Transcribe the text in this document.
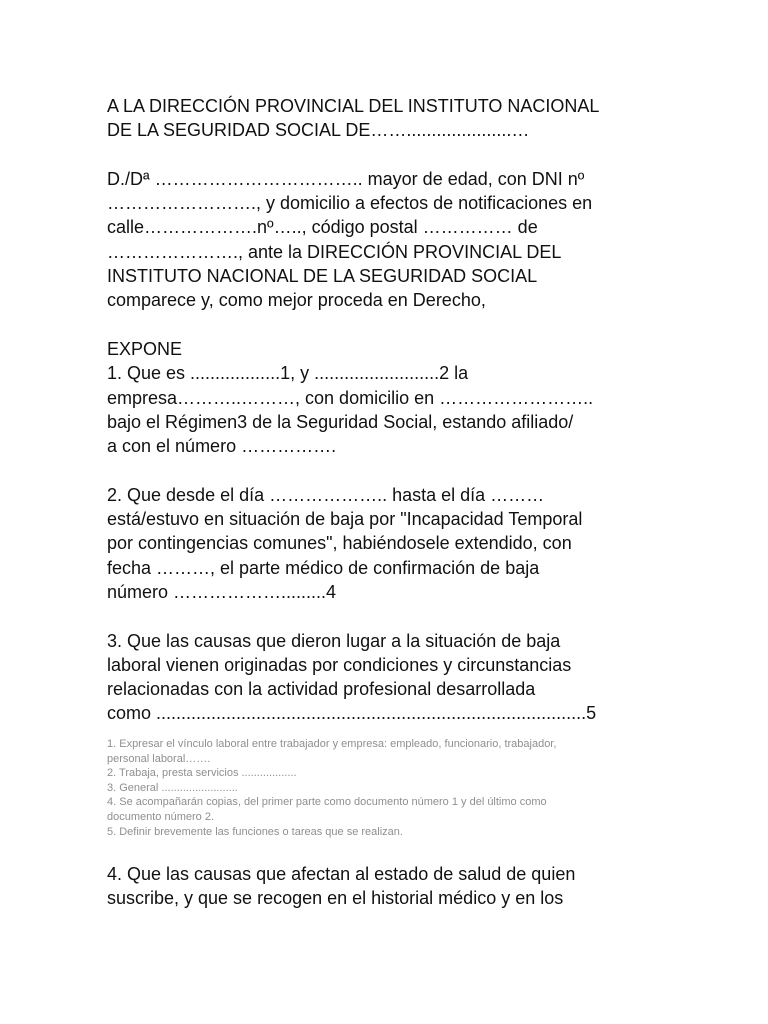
A LA DIRECCIÓN PROVINCIAL DEL INSTITUTO NACIONAL
DE LA SEGURIDAD SOCIAL DE…….....................…
D./Dª …………………………….. mayor de edad, con DNI nº
……………………., y domicilio a efectos de notificaciones en
calle……………….nº….., código postal …………… de
…………………., ante la DIRECCIÓN PROVINCIAL DEL
INSTITUTO NACIONAL DE LA SEGURIDAD SOCIAL
comparece y, como mejor proceda en Derecho,
EXPONE
1. Que es ..................1, y .........................2 la
empresa………..………, con domicilio en ……………………..
bajo el Régimen3 de la Seguridad Social, estando afiliado/
a con el número …………….
2. Que desde el día ……………….. hasta el día ………
está/estuvo en situación de baja por "Incapacidad Temporal
por contingencias comunes", habiéndosele extendido, con
fecha ………, el parte médico de confirmación de baja
número ……………….........4
3. Que las causas que dieron lugar a la situación de baja
laboral vienen originadas por condiciones y circunstancias
relacionadas con la actividad profesional desarrollada
como ......................................................................................5
1. Expresar el vínculo laboral entre trabajador y empresa: empleado, funcionario, trabajador,
personal laboral…….
2. Trabaja, presta servicios ..................
3. General .........................
4. Se acompañarán copias, del primer parte como documento número 1 y del último como
documento número 2.
5. Definir brevemente las funciones o tareas que se realizan.
4. Que las causas que afectan al estado de salud de quien
suscribe, y que se recogen en el historial médico y en los
